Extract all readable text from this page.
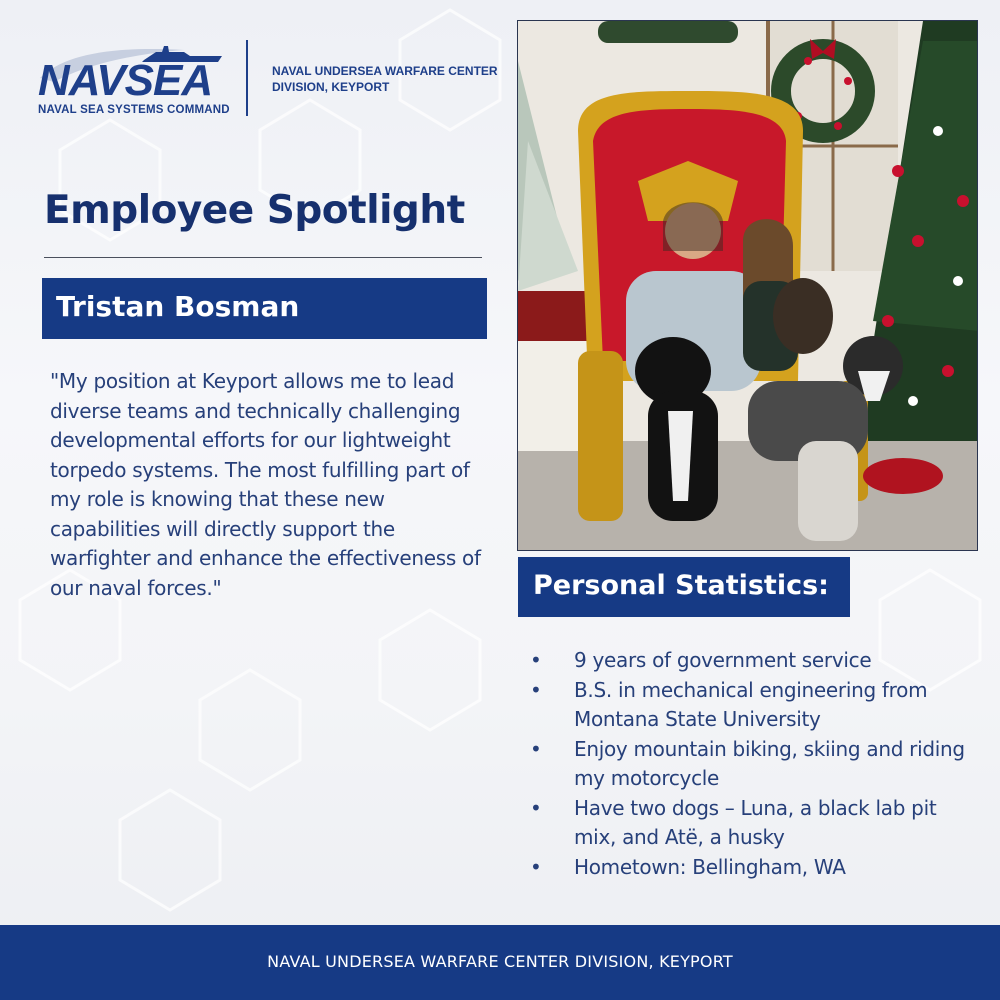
NAVSEA
NAVAL SEA SYSTEMS COMMAND
NAVAL UNDERSEA WARFARE CENTER
DIVISION, KEYPORT
Employee Spotlight
Tristan Bosman
"My position at Keyport allows me to lead diverse teams and technically challenging developmental efforts for our lightweight torpedo systems. The most fulfilling part of my role is knowing that these new capabilities will directly support the warfighter and enhance the effectiveness of our naval forces."	Personal Statistics:
• 9 years of government service
• B.S. in mechanical engineering from Montana State University
• Enjoy mountain biking, skiing and riding my motorcycle
• Have two dogs – Luna, a black lab pit mix, and Atë, a husky
• Hometown: Bellingham, WA
NAVAL UNDERSEA WARFARE CENTER DIVISION, KEYPORT
